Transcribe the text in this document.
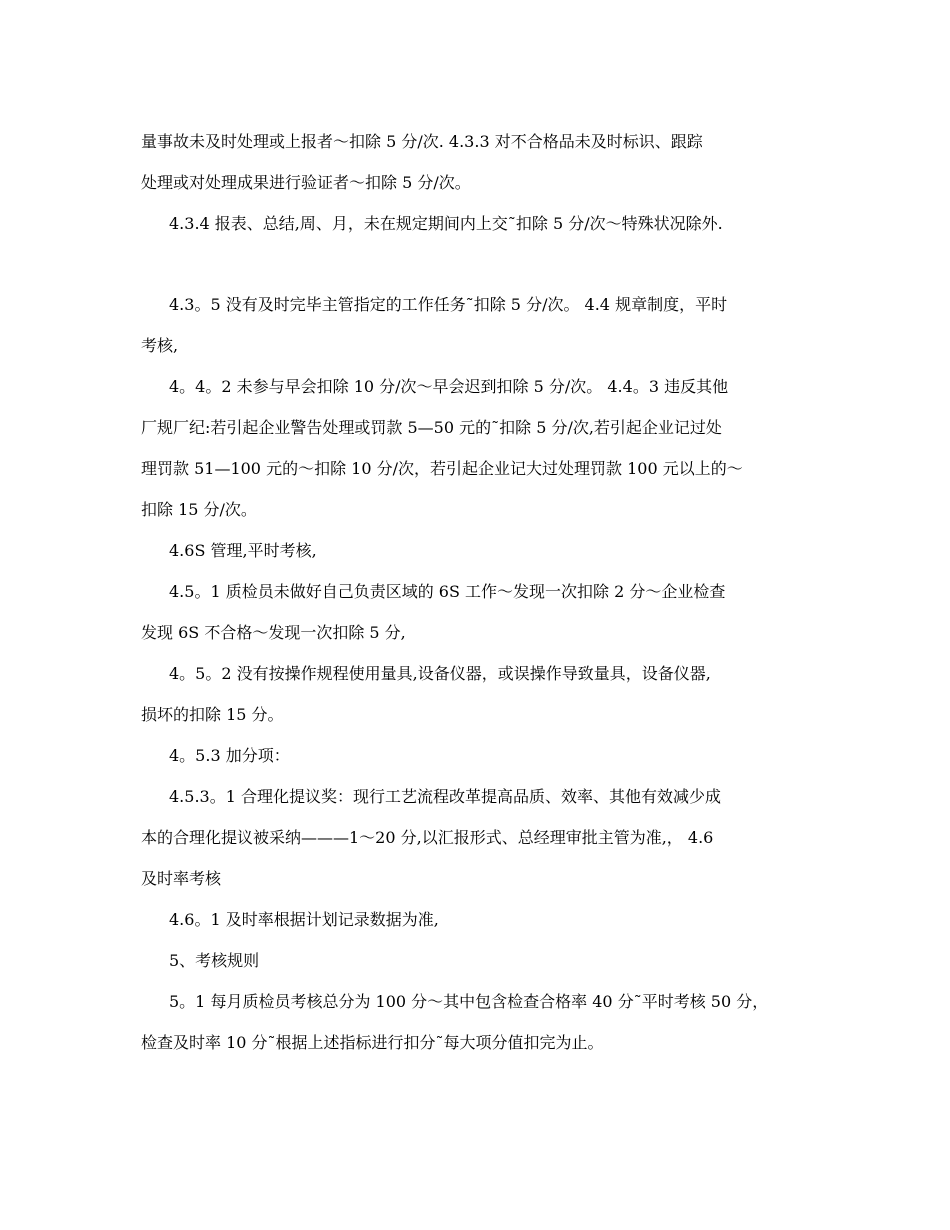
量事故未及时处理或上报者～扣除 5 分/次. 4.3.3 对不合格品未及时标识、跟踪
处理或对处理成果进行验证者～扣除 5 分/次。
4.3.4 报表、总结,周、月，未在规定期间内上交˜扣除 5 分/次～特殊状况除外.
4.3。5 没有及时完毕主管指定的工作任务˜扣除 5 分/次。 4.4 规章制度，平时
考核,
4。4。2 未参与早会扣除 10 分/次～早会迟到扣除 5 分/次。 4.4。3 违反其他
厂规厂纪:若引起企业警告处理或罚款 5—50 元的˜扣除 5 分/次,若引起企业记过处
理罚款 51—100 元的～扣除 10 分/次，若引起企业记大过处理罚款 100 元以上的～
扣除 15 分/次。
4.6S 管理,平时考核,
4.5。1 质检员未做好自己负责区域的 6S 工作～发现一次扣除 2 分～企业检查
发现 6S 不合格～发现一次扣除 5 分,
4。5。2 没有按操作规程使用量具,设备仪器，或误操作导致量具，设备仪器,
损坏的扣除 15 分。
4。5.3 加分项：
4.5.3。1 合理化提议奖：现行工艺流程改革提高品质、效率、其他有效减少成
本的合理化提议被采纳———1～20 分,以汇报形式、总经理审批主管为准,， 4.6
及时率考核
4.6。1 及时率根据计划记录数据为准,
5、考核规则
5。1 每月质检员考核总分为 100 分～其中包含检查合格率 40 分˜平时考核 50 分，
检查及时率 10 分˜根据上述指标进行扣分˜每大项分值扣完为止。
